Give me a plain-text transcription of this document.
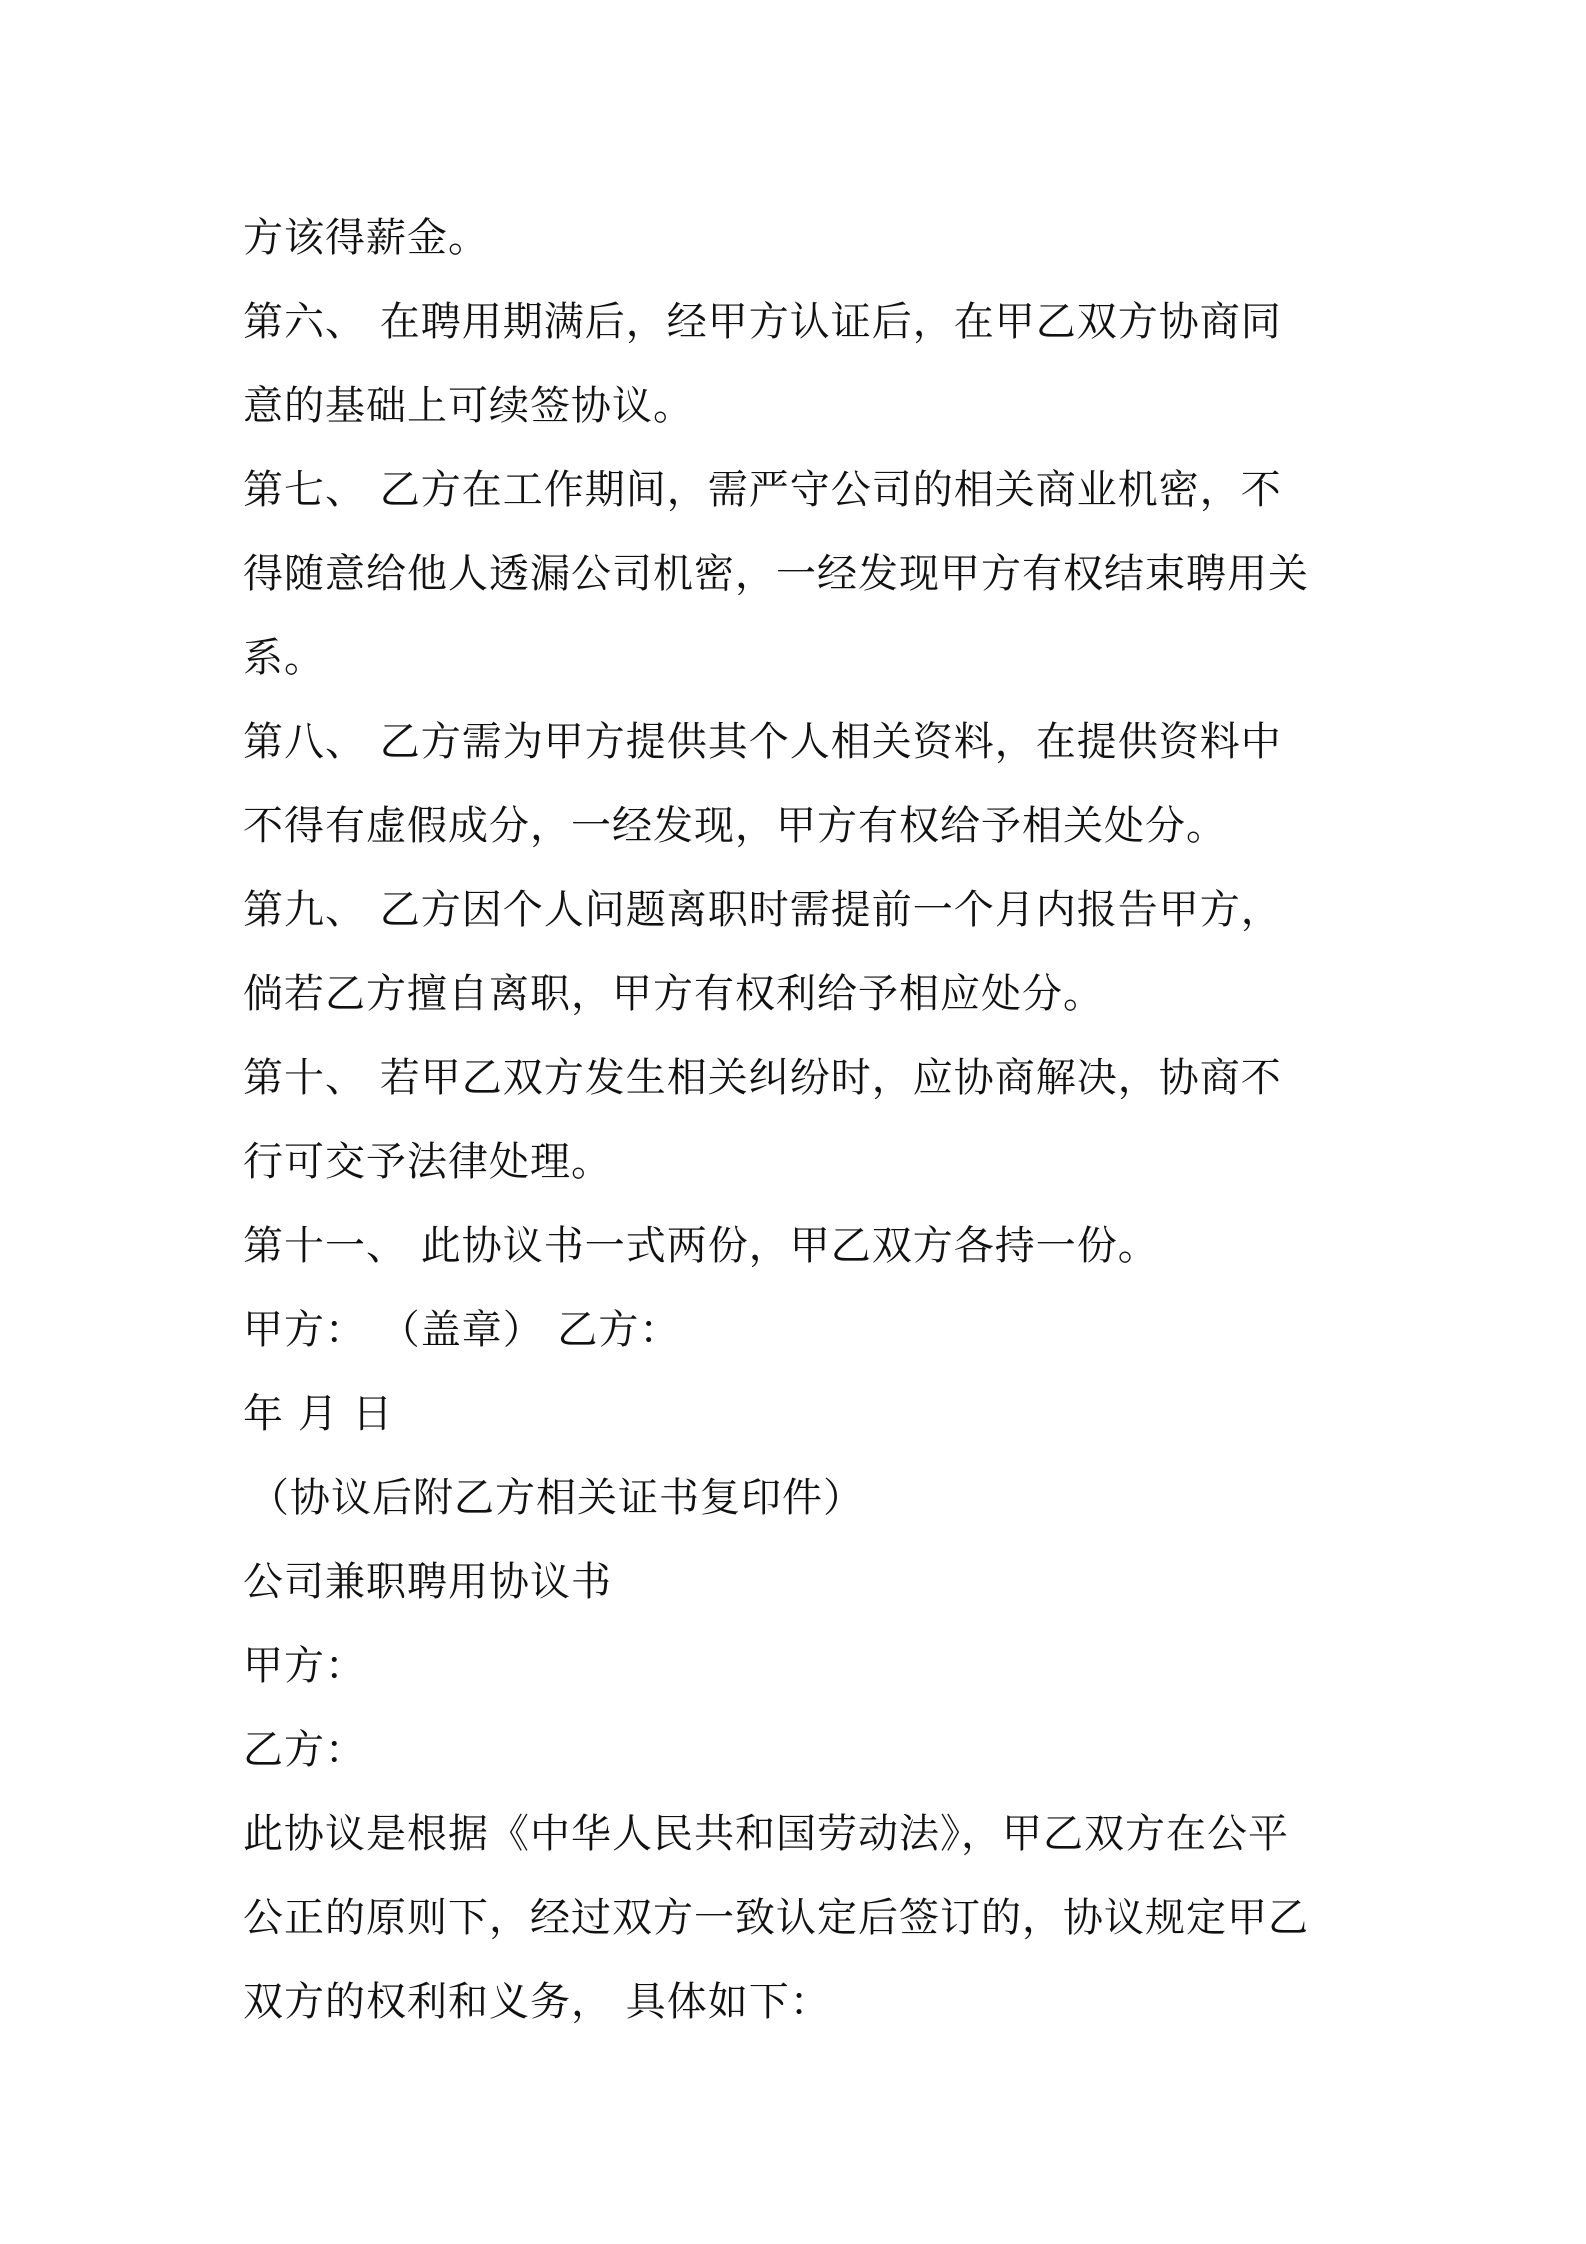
方该得薪金。
第六、 在聘用期满后，经甲方认证后，在甲乙双方协商同
意的基础上可续签协议。
第七、 乙方在工作期间，需严守公司的相关商业机密，不
得随意给他人透漏公司机密，一经发现甲方有权结束聘用关
系。
第八、 乙方需为甲方提供其个人相关资料，在提供资料中
不得有虚假成分，一经发现，甲方有权给予相关处分。
第九、 乙方因个人问题离职时需提前一个月内报告甲方，
倘若乙方擅自离职，甲方有权利给予相应处分。
第十、 若甲乙双方发生相关纠纷时，应协商解决，协商不
行可交予法律处理。
第十一、 此协议书一式两份，甲乙双方各持一份。
甲方： （盖章） 乙方：
年 月 日
（协议后附乙方相关证书复印件）
公司兼职聘用协议书
甲方：
乙方：
此协议是根据《中华人民共和国劳动法》，甲乙双方在公平
公正的原则下，经过双方一致认定后签订的，协议规定甲乙
双方的权利和义务， 具体如下：
